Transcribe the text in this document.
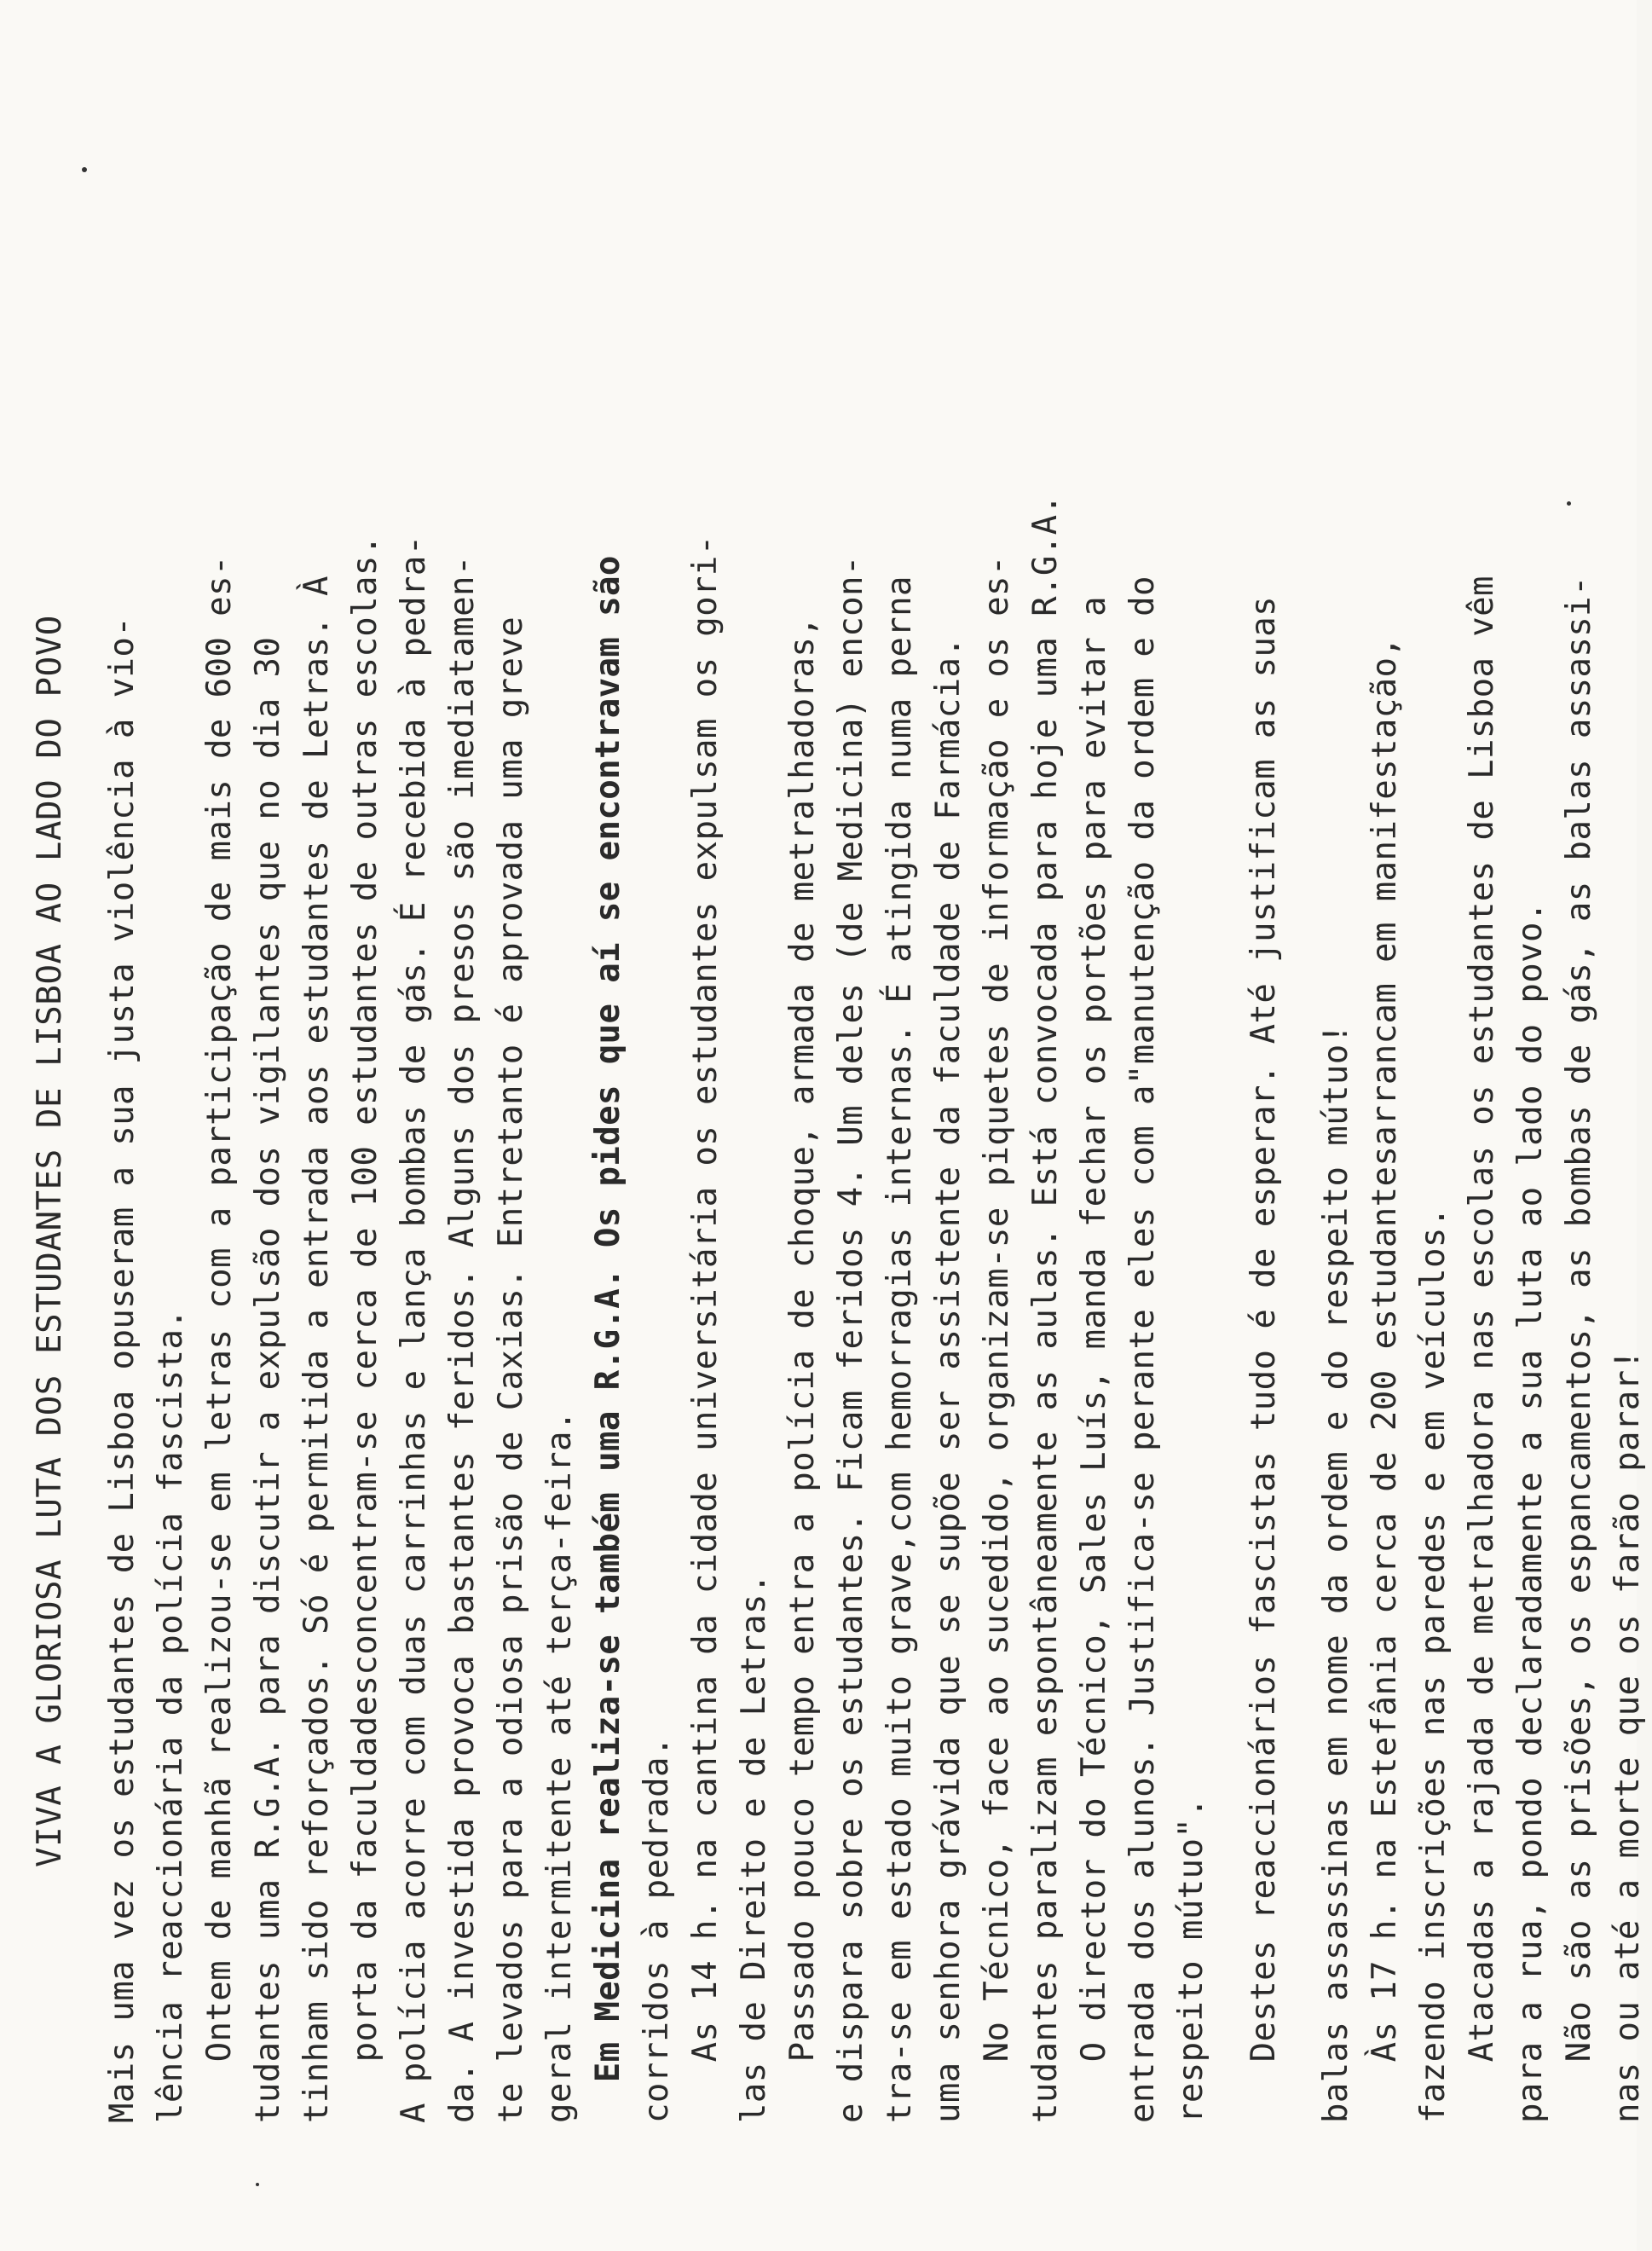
VIVA A GLORIOSA LUTA DOS ESTUDANTES DE LISBOA AO LADO DO POVO Mais uma vez os estudantes de Lisboa opuseram a sua justa violência à vio- lência reaccionária da polícia fascista. Ontem de manhã realizou-se em letras com a participação de mais de 600 es- tudantes uma R.G.A. para discutir a expulsão dos vigilantes que no dia 30 tinham sido reforçados. Só é permitida a entrada aos estudantes de Letras. À porta da faculdadesconcentram-se cerca de 100 estudantes de outras escolas. A polícia acorre com duas carrinhas e lança bombas de gás. É recebida à pedra- da. A investida provoca bastantes feridos. Alguns dos presos são imediatamen- te levados para a odiosa prisão de Caxias. Entretanto é aprovada uma greve geral intermitente até terça-feira. Em Medicina realiza-se também uma R.G.A. Os pides que aí se encontravam são corridos à pedrada. As 14 h. na cantina da cidade universitária os estudantes expulsam os gori- las de Direito e de Letras. Passado pouco tempo entra a polícia de choque, armada de metralhadoras, e dispara sobre os estudantes. Ficam feridos 4. Um deles (de Medicina) encon- tra-se em estado muito grave,com hemorragias internas. É atingida numa perna uma senhora grávida que se supõe ser assistente da faculdade de Farmácia. No Técnico, face ao sucedido, organizam-se piquetes de informação e os es- tudantes paralizam espontâneamente as aulas. Está convocada para hoje uma R.G.A. O director do Técnico, Sales Luís, manda fechar os portões para evitar a entrada dos alunos. Justifica-se perante eles com a"manutenção da ordem e do respeito mútuo". Destes reaccionários fascistas tudo é de esperar. Até justificam as suas balas assassinas em nome da ordem e do respeito mútuo! Às 17 h. na Estefânia cerca de 200 estudantesarrancam em manifestação, fazendo inscrições nas paredes e em veículos. Atacadas a rajada de metralhadora nas escolas os estudantes de Lisboa vêm para a rua, pondo declaradamente a sua luta ao lado do povo. Não são as prisões, os espancamentos, as bombas de gás, as balas assassi- nas ou até a morte que os farão parar!
